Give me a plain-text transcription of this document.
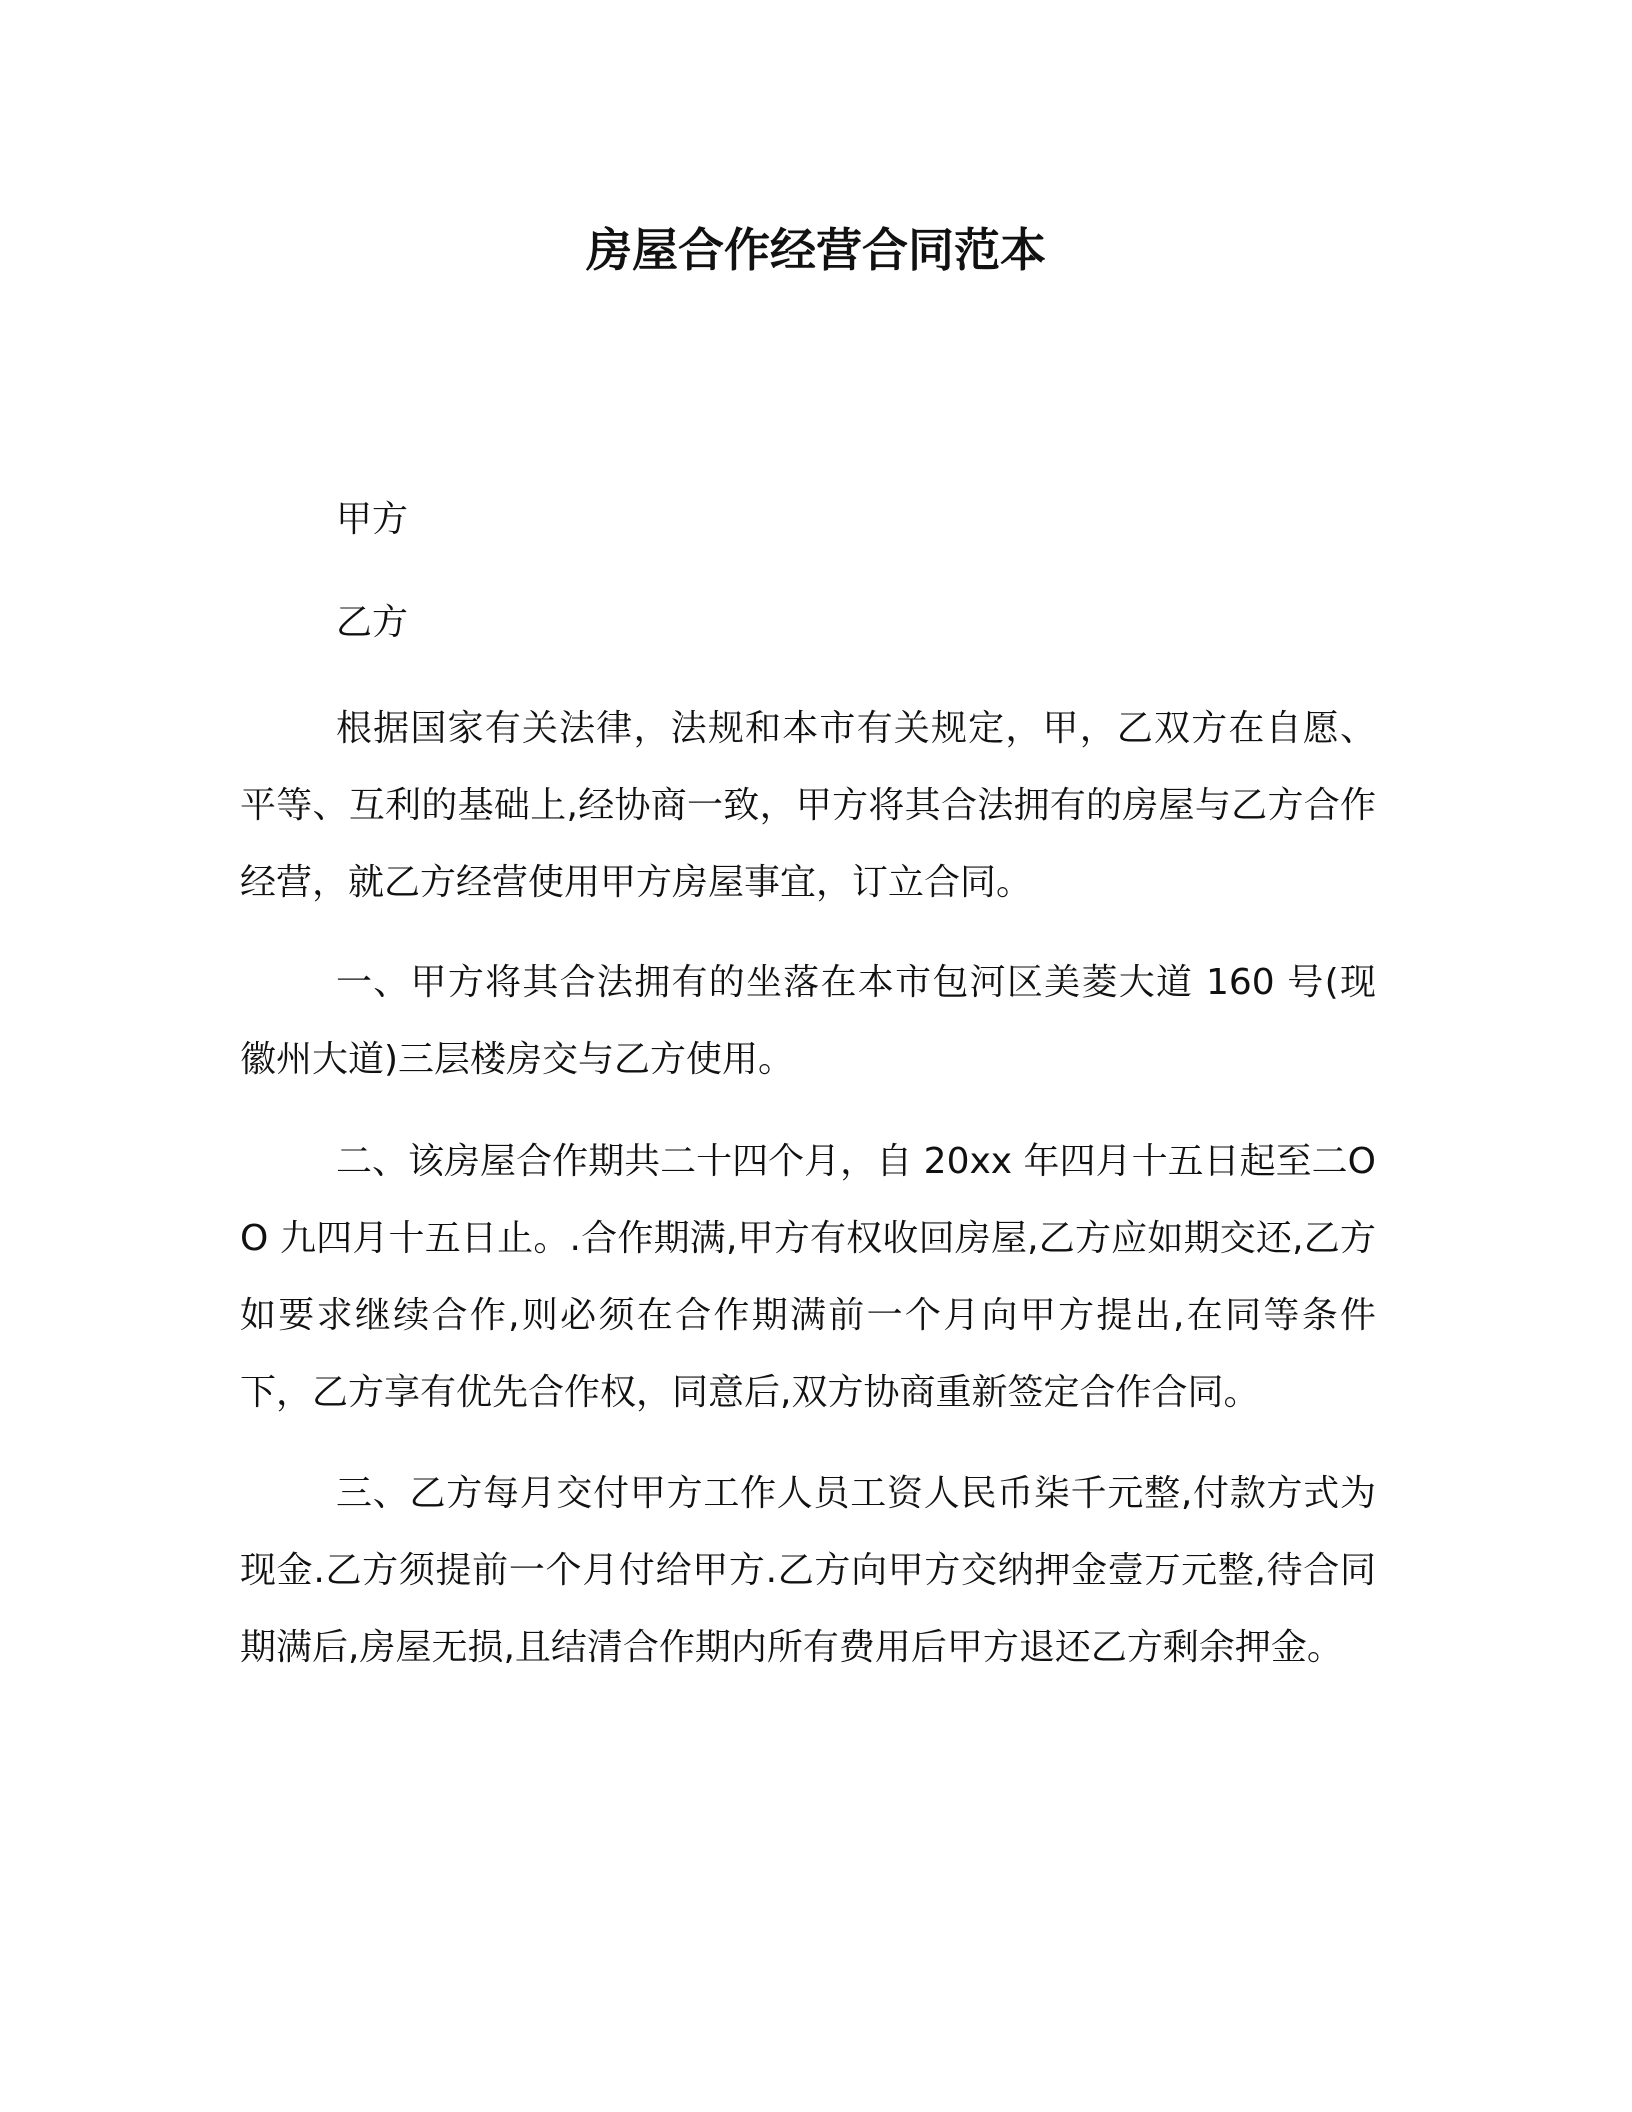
房屋合作经营合同范本
甲方
乙方

根据国家有关法律，法规和本市有关规定，甲，乙双方在自愿、平等、互利的基础上,经协商一致，甲方将其合法拥有的房屋与乙方合作经营，就乙方经营使用甲方房屋事宜，订立合同。

一、甲方将其合法拥有的坐落在本市包河区美菱大道 160 号(现徽州大道)三层楼房交与乙方使用。

二、该房屋合作期共二十四个月，自 20xx 年四月十五日起至二OO 九四月十五日止。.合作期满,甲方有权收回房屋,乙方应如期交还,乙方如要求继续合作,则必须在合作期满前一个月向甲方提出,在同等条件下，乙方享有优先合作权，同意后,双方协商重新签定合作合同。

三、乙方每月交付甲方工作人员工资人民币柒千元整,付款方式为现金.乙方须提前一个月付给甲方.乙方向甲方交纳押金壹万元整,待合同期满后,房屋无损,且结清合作期内所有费用后甲方退还乙方剩余押金。
